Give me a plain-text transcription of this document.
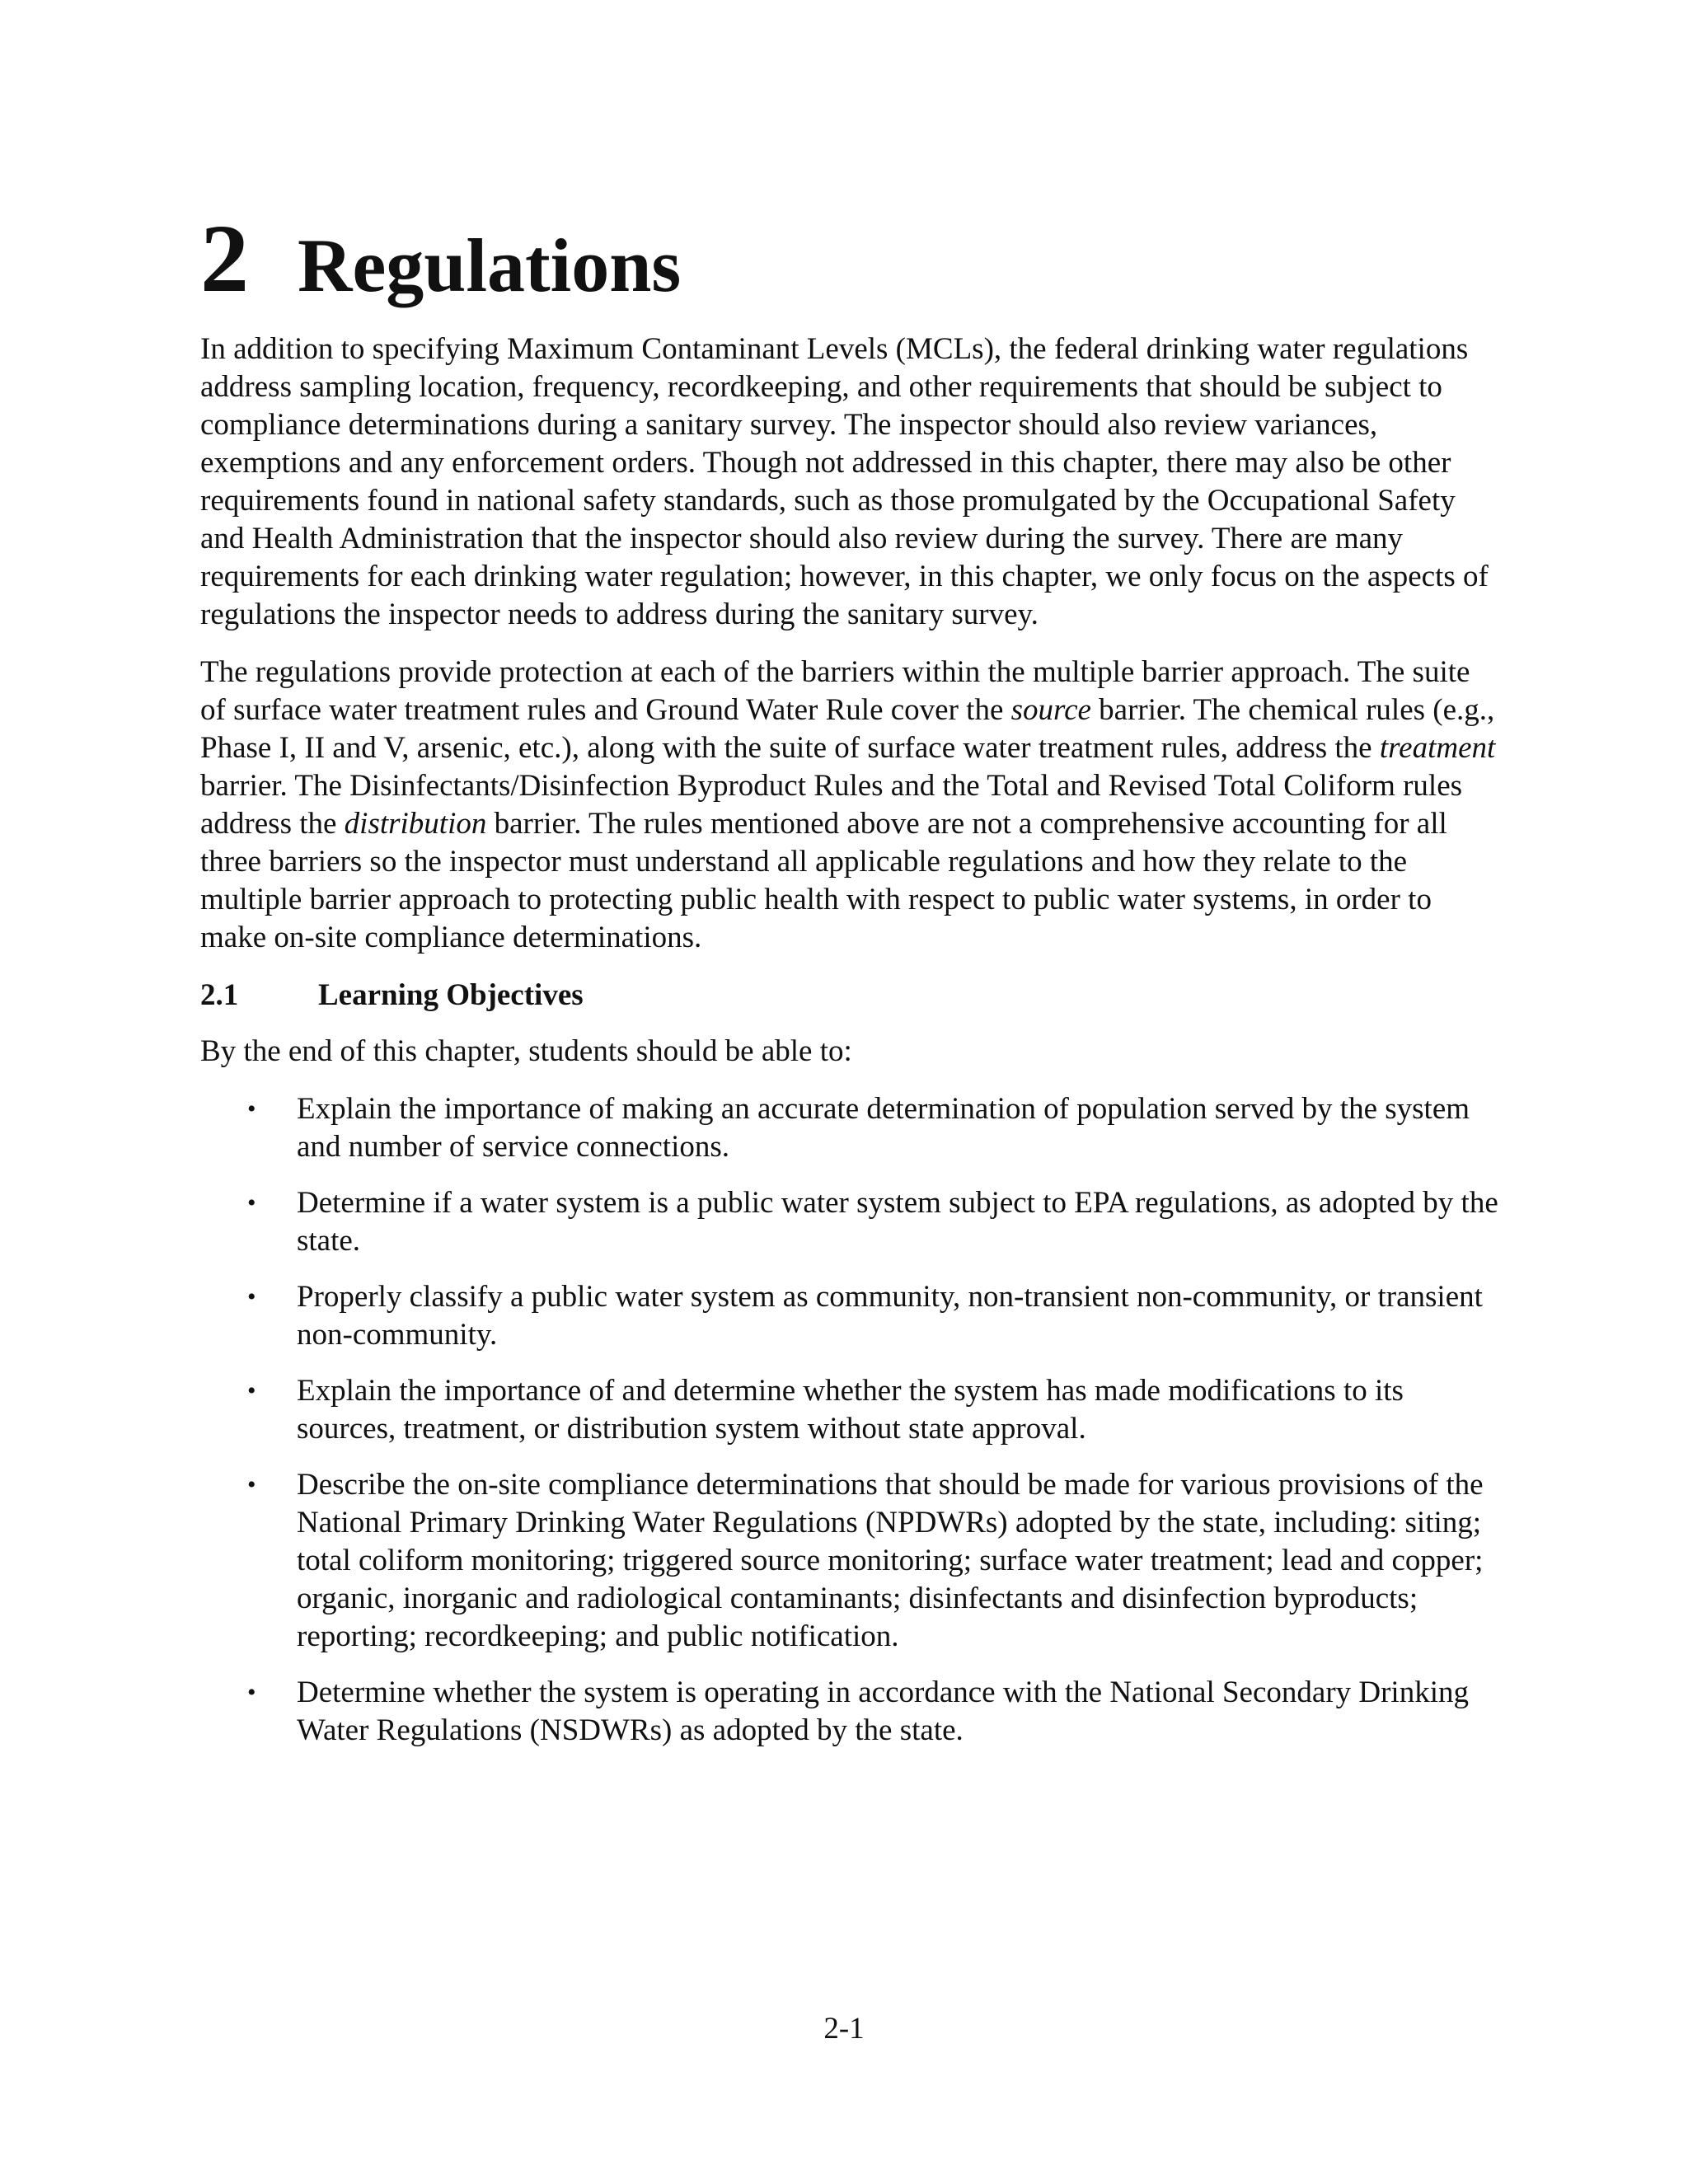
2 Regulations

In addition to specifying Maximum Contaminant Levels (MCLs), the federal drinking water regulations address sampling location, frequency, recordkeeping, and other requirements that should be subject to compliance determinations during a sanitary survey. The inspector should also review variances, exemptions and any enforcement orders. Though not addressed in this chapter, there may also be other requirements found in national safety standards, such as those promulgated by the Occupational Safety and Health Administration that the inspector should also review during the survey. There are many requirements for each drinking water regulation; however, in this chapter, we only focus on the aspects of regulations the inspector needs to address during the sanitary survey.

The regulations provide protection at each of the barriers within the multiple barrier approach. The suite of surface water treatment rules and Ground Water Rule cover the source barrier. The chemical rules (e.g., Phase I, II and V, arsenic, etc.), along with the suite of surface water treatment rules, address the treatment barrier. The Disinfectants/Disinfection Byproduct Rules and the Total and Revised Total Coliform rules address the distribution barrier. The rules mentioned above are not a comprehensive accounting for all three barriers so the inspector must understand all applicable regulations and how they relate to the multiple barrier approach to protecting public health with respect to public water systems, in order to make on-site compliance determinations.

2.1	Learning Objectives

By the end of this chapter, students should be able to:

• Explain the importance of making an accurate determination of population served by the system and number of service connections.
• Determine if a water system is a public water system subject to EPA regulations, as adopted by the state.
• Properly classify a public water system as community, non-transient non-community, or transient non-community.
• Explain the importance of and determine whether the system has made modifications to its sources, treatment, or distribution system without state approval.
• Describe the on-site compliance determinations that should be made for various provisions of the National Primary Drinking Water Regulations (NPDWRs) adopted by the state, including: siting; total coliform monitoring; triggered source monitoring; surface water treatment; lead and copper; organic, inorganic and radiological contaminants; disinfectants and disinfection byproducts; reporting; recordkeeping; and public notification.
• Determine whether the system is operating in accordance with the National Secondary Drinking Water Regulations (NSDWRs) as adopted by the state.
2-1
